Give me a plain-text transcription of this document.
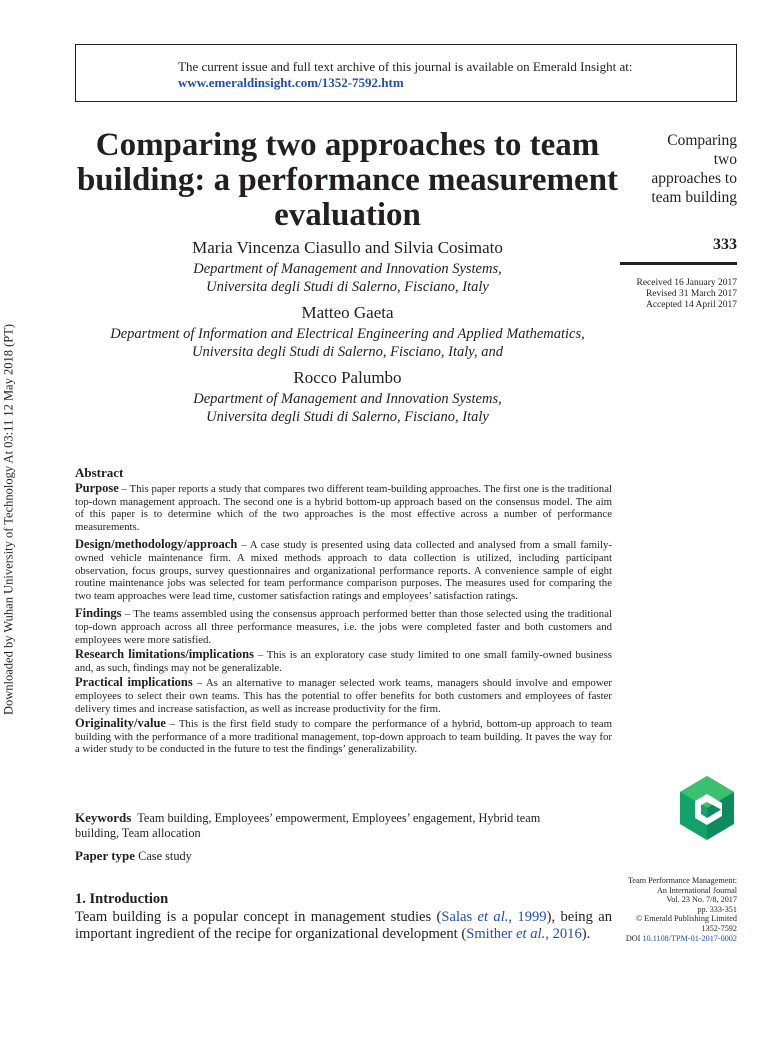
Downloaded by Wuhan University of Technology At 03:11 12 May 2018 (PT)
The current issue and full text archive of this journal is available on Emerald Insight at:
www.emeraldinsight.com/1352-7592.htm
Comparing two approaches to team building: a performance measurement evaluation
Maria Vincenza Ciasullo and Silvia Cosimato
Department of Management and Innovation Systems,
Universita degli Studi di Salerno, Fisciano, Italy
Matteo Gaeta
Department of Information and Electrical Engineering and Applied Mathematics,
Universita degli Studi di Salerno, Fisciano, Italy, and
Rocco Palumbo
Department of Management and Innovation Systems,
Universita degli Studi di Salerno, Fisciano, Italy
Comparing
two
approaches to
team building
333
Received 16 January 2017
Revised 31 March 2017
Accepted 14 April 2017
Abstract

Purpose – This paper reports a study that compares two different team-building approaches. The first one is the traditional top-down management approach. The second one is a hybrid bottom-up approach based on the consensus model. The aim of this paper is to determine which of the two approaches is the most effective across a number of performance measurements.

Design/methodology/approach – A case study is presented using data collected and analysed from a small family-owned vehicle maintenance firm. A mixed methods approach to data collection is utilized, including participant observation, focus groups, survey questionnaires and organizational performance reports. A convenience sample of eight routine maintenance jobs was selected for team performance comparison purposes. The measures used for comparing the two team approaches were lead time, customer satisfaction ratings and employees’ satisfaction ratings.

Findings – The teams assembled using the consensus approach performed better than those selected using the traditional top-down approach across all three performance measures, i.e. the jobs were completed faster and both customers and employees were more satisfied.

Research limitations/implications – This is an exploratory case study limited to one small family-owned business and, as such, findings may not be generalizable.

Practical implications – As an alternative to manager selected work teams, managers should involve and empower employees to select their own teams. This has the potential to offer benefits for both customers and employees of faster delivery times and increase satisfaction, as well as increase productivity for the firm.

Originality/value – This is the first field study to compare the performance of a hybrid, bottom-up approach to team building with the performance of a more traditional management, top-down approach to team building. It paves the way for a wider study to be conducted in the future to test the findings’ generalizability.

Keywords Team building, Employees’ empowerment, Employees’ engagement, Hybrid team building, Team allocation
Paper type Case study
Team Performance Management:
An International Journal
Vol. 23 No. 7/8, 2017
pp. 333-351
© Emerald Publishing Limited
1352-7592
DOI 10.1108/TPM-01-2017-0002
1. Introduction
Team building is a popular concept in management studies (Salas et al., 1999), being an important ingredient of the recipe for organizational development (Smither et al., 2016).
